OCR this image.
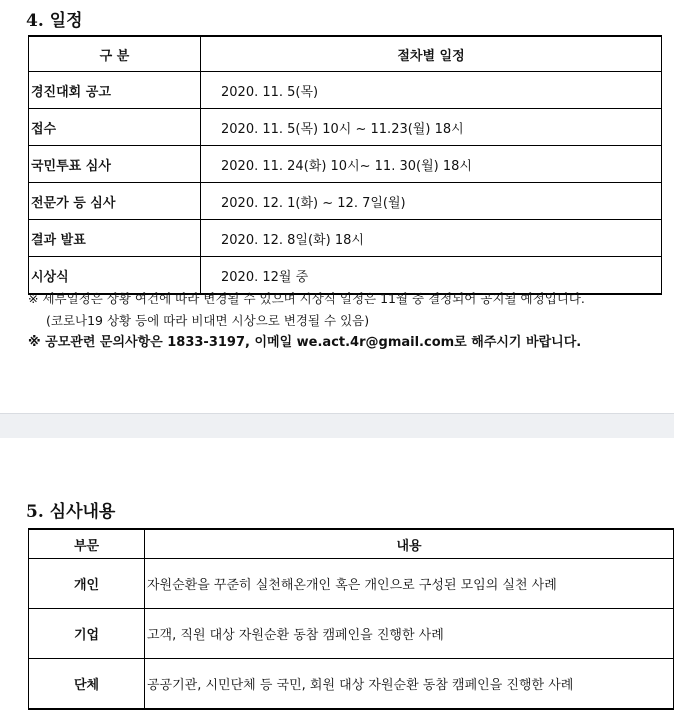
4. 일정
구 분	절차별 일정
경진대회 공고	2020. 11. 5(목)
접수	2020. 11. 5(목) 10시 ~ 11.23(월) 18시
국민투표 심사	2020. 11. 24(화) 10시~ 11. 30(월) 18시
전문가 등 심사	2020. 12. 1(화) ~ 12. 7일(월)
결과 발표	2020. 12. 8일(화) 18시
시상식	2020. 12월 중
※ 세부일정은 상황 여건에 따라 변경될 수 있으며 시상식 일정은 11월 중 결정되어 공지될 예정입니다.
(코로나19 상황 등에 따라 비대면 시상으로 변경될 수 있음)
※ 공모관련 문의사항은 1833-3197, 이메일 we.act.4r@gmail.com로 해주시기 바랍니다.
5. 심사내용
부문	내용
개인	자원순환을 꾸준히 실천해온개인 혹은 개인으로 구성된 모임의 실천 사례
기업	고객, 직원 대상 자원순환 동참 캠페인을 진행한 사례
단체	공공기관, 시민단체 등 국민, 회원 대상 자원순환 동참 캠페인을 진행한 사례
